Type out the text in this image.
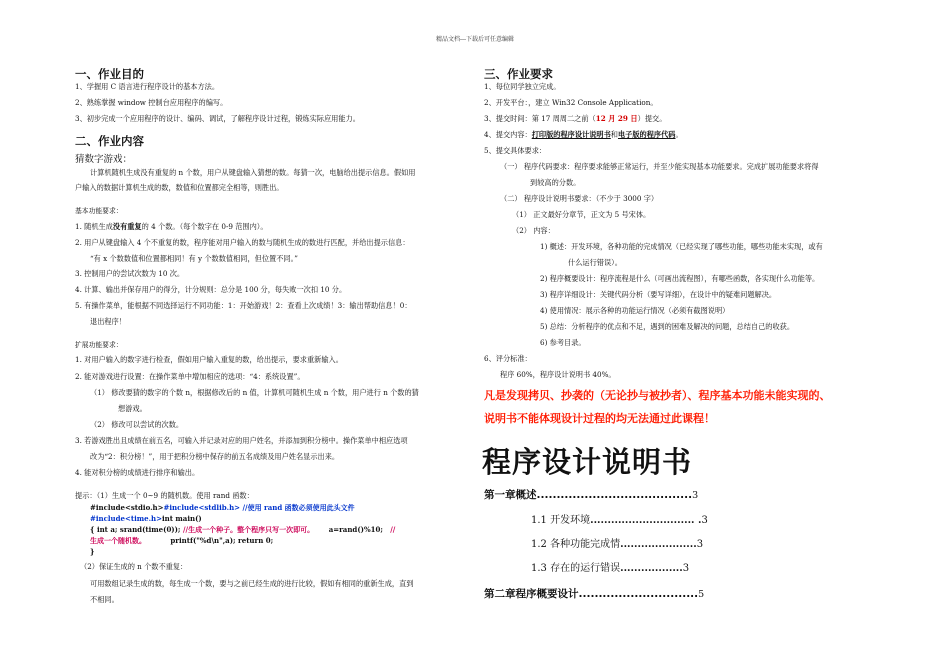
精品文档---下载后可任意编辑
一、作业目的
1、学握用 C 语言进行程序设计的基本方法。
2、熟练掌握 window 控制台应用程序的编写。
3、初步完成一个应用程序的设计、编码、调试，了解程序设计过程，锻炼实际应用能力。
二、作业内容
猜数字游戏：
计算机随机生成没有重复的 n 个数，用户从键盘输入猜想的数。每猜一次，电脑给出提示信息。假如用
户输入的数据计算机生成的数，数值和位置都完全相等，则胜出。
基本功能要求：
1. 随机生成没有重复的 4 个数。（每个数字在 0-9 范围内）。
2. 用户从键盘输入 4 个不重复的数，程序能对用户输入的数与随机生成的数进行匹配，并给出提示信息：
“有 x 个数数值和位置都相同！有 y 个数数值相同，但位置不同。”
3. 控制用户的尝试次数为 10 次。
4. 计算、输出并保存用户的得分，计分规则：总分是 100 分，每失败一次扣 10 分。
5. 有操作菜单，能根据不同选择运行不同功能：1：开始游戏！2：查看上次成绩！3：输出帮助信息！0：
退出程序！
扩展功能要求：
1. 对用户输入的数字进行检查，假如用户输入重复的数，给出提示，要求重新输入。
2. 能对游戏进行设置：在操作菜单中增加相应的选项：“4：系统设置”。
（1） 修改要猜的数字的个数 n，根据修改后的 n 值，计算机可随机生成 n 个数，用户进行 n 个数的猜
想游戏。
（2） 修改可以尝试的次数。
3. 若游戏胜出且成绩在前五名，可输入并记录对应的用户姓名，并添加到积分榜中。操作菜单中相应选项
改为“2：积分榜！”，用于把积分榜中保存的前五名成绩及用户姓名显示出来。
4. 能对积分榜的成绩进行排序和输出。
提示：（1）生成一个 0~9 的随机数。使用 rand 函数：
#include<stdio.h>#include<stdlib.h> //使用 rand 函数必须使用此头文件
#include<time.h>int main()
{ int a; srand(time(0)); //生成一个种子。整个程序只写一次即可。 a=rand()%10; //
生成一个随机数。	printf("%d\n",a); return 0;
}
（2）保证生成的 n 个数不重复：
可用数组记录生成的数，每生成一个数，要与之前已经生成的进行比较，假如有相同的重新生成，直到
不相同。
三、作业要求
1、每位同学独立完成。
2、开发平台：，建立 Win32 Console Application。
3、提交时间：第 17 周周二之前（12 月 29 日）提交。
4、提交内容：打印版的程序设计说明书和电子版的程序代码。
5、提交具体要求：
（一） 程序代码要求：程序要求能够正常运行，并至少能实现基本功能要求。完成扩展功能要求将得
到较高的分数。
（二） 程序设计说明书要求：（不少于 3000 字）
（1） 正文最好分章节，正文为 5 号宋体。
（2） 内容：
1) 概述：开发环境，各种功能的完成情况（已经实现了哪些功能，哪些功能未实现，或有
什么运行错误）。
2) 程序概要设计：程序流程是什么（可画出流程图），有哪些函数，各实现什么功能等。
3) 程序详细设计：关键代码分析（要写详细），在设计中的疑难问题解决。
4) 使用情况：展示各种的功能运行情况（必须有截图说明）
5) 总结：分析程序的优点和不足，遇到的困难及解决的问题，总结自己的收获。
6) 参考目录。
6、评分标准：
程序 60%，程序设计说明书 40%。
凡是发现拷贝、抄袭的（无论抄与被抄者）、程序基本功能未能实现的、
说明书不能体现设计过程的均无法通过此课程！
程序设计说明书
第一章概述.......................................3
1.1 开发环境.............................. .3
1.2 各种功能完成情......................3
1.3 存在的运行错误..................3
第二章程序概要设计..............................5
